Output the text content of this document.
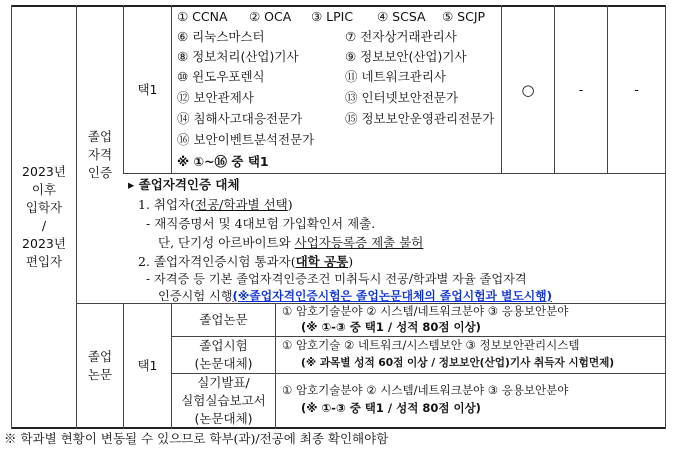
2023년
이후
입학자
/
2023년
편입자
졸업
자격
인증
졸업
논문
택1
택1
① CCNA ② OCA ③ LPIC ④ SCSA ⑤ SCJP
⑥ 리눅스마스터
⑧ 정보처리(산업)기사
⑩ 윈도우포렌식
⑫ 보안관제사
⑭ 침해사고대응전문가
⑯ 보안이벤트분석전문가
⑦ 전자상거래관리사
⑨ 정보보안(산업)기사
⑪ 네트워크관리사
⑬ 인터넷보안전문가
⑮ 정보보안운영관리전문가
※ ①~⑯ 중 택1
○	-	-
▸ 졸업자격인증 대체
1. 취업자(전공/학과별 선택)
- 재직증명서 및 4대보험 가입확인서 제출.
단, 단기성 아르바이트와 사업자등록증 제출 불허
2. 졸업자격인증시험 통과자(대학 공통)
- 자격증 등 기본 졸업자격인증조건 미취득시 전공/학과별 자율 졸업자격
인증시험 시행(※졸업자격인증시험은 졸업논문대체의 졸업시험과 별도시행)
졸업논문
① 암호기술분야 ② 시스템/네트워크분야 ③ 응용보안분야
(※ ①-③ 중 택1 / 성적 80점 이상)
졸업시험
(논문대체)
① 암호기술 ② 네트워크/시스템보안 ③ 정보보안관리시스템
(※ 과목별 성적 60점 이상 / 정보보안(산업)기사 취득자 시험면제)
실기발표/
실험실습보고서
(논문대체)
① 암호기술분야 ② 시스템/네트워크분야 ③ 응용보안분야
(※ ①-③ 중 택1 / 성적 80점 이상)
※ 학과별 현황이 변동될 수 있으므로 학부(과)/전공에 최종 확인해야함
